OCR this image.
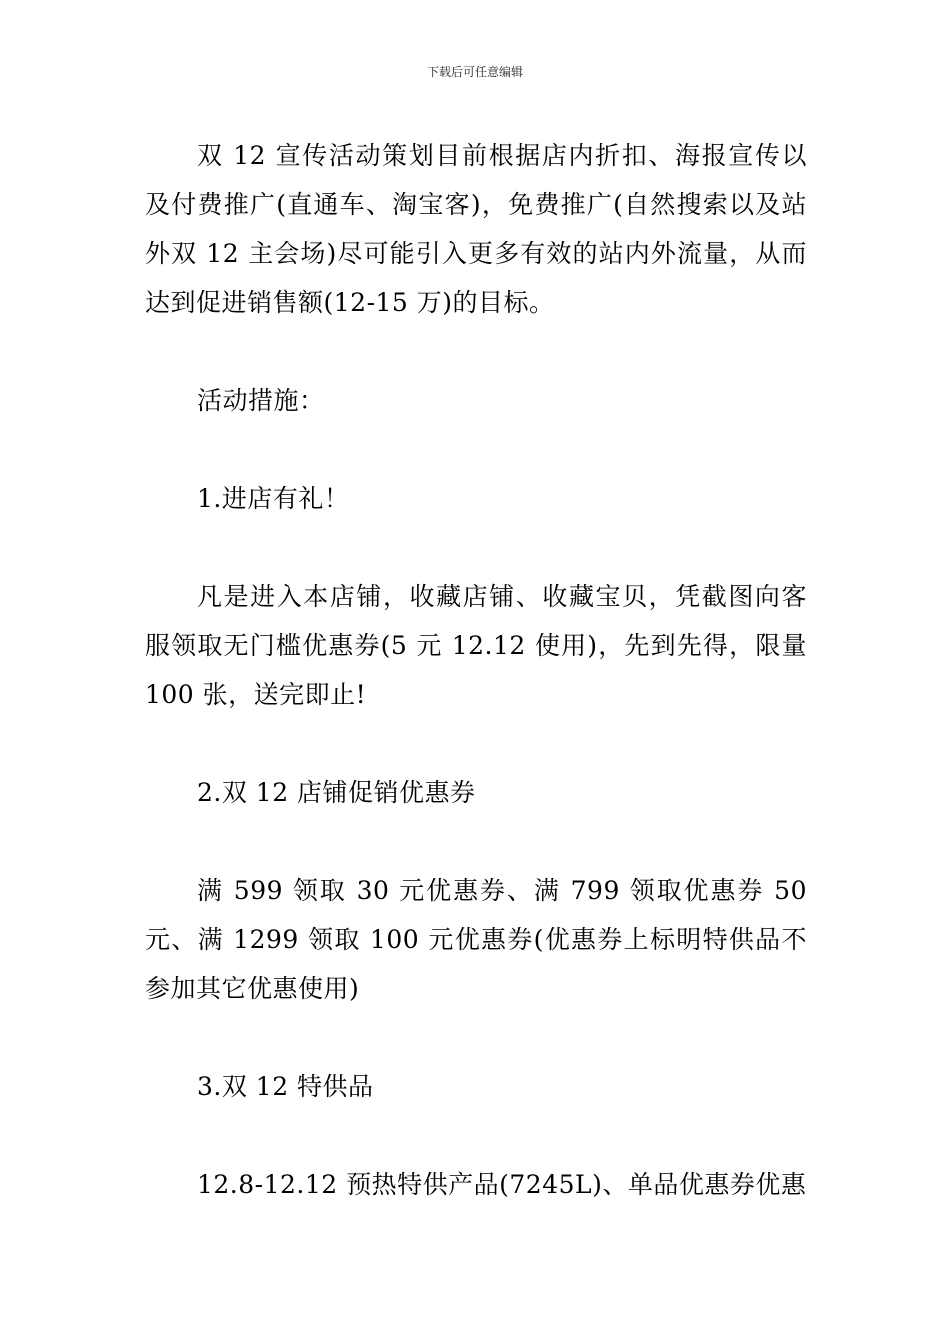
下载后可任意编辑

双 12 宣传活动策划目前根据店内折扣、海报宣传以及付费推广(直通车、淘宝客)，免费推广(自然搜索以及站外双 12 主会场)尽可能引入更多有效的站内外流量，从而达到促进销售额(12-15 万)的目标。

活动措施：

1.进店有礼！

凡是进入本店铺，收藏店铺、收藏宝贝，凭截图向客服领取无门槛优惠券(5 元 12.12 使用)，先到先得，限量 100 张，送完即止!

2.双 12 店铺促销优惠券

满 599 领取 30 元优惠券、满 799 领取优惠券 50 元、满 1299 领取 100 元优惠券(优惠券上标明特供品不参加其它优惠使用)

3.双 12 特供品

12.8-12.12 预热特供产品(7245L)、单品优惠券优惠
